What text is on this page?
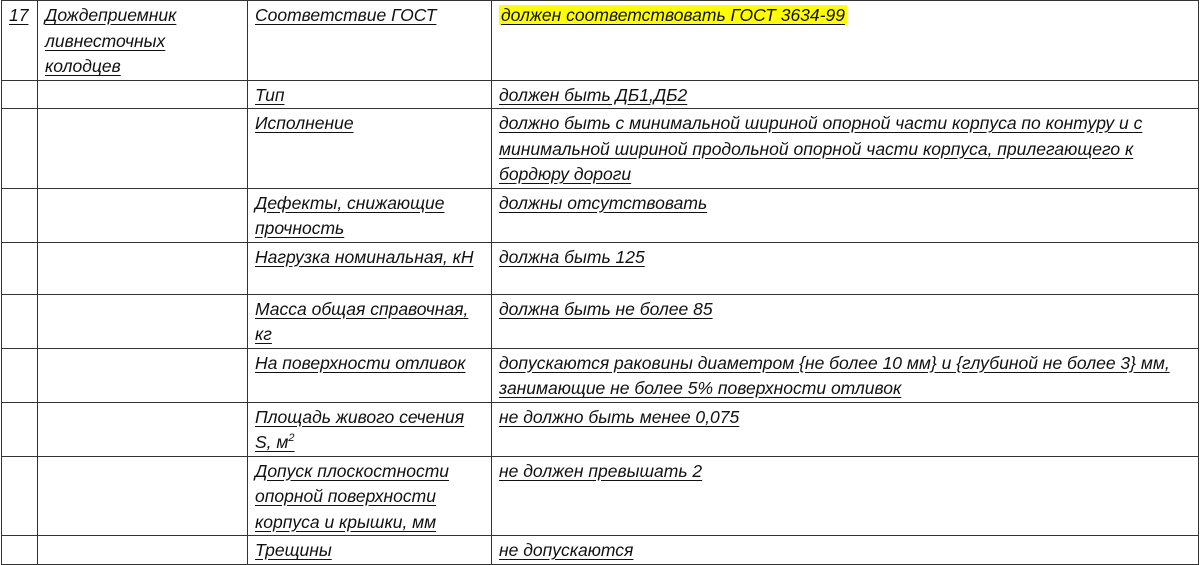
17	Дождеприемник ливнесточных колодцев	Соответствие ГОСТ	должен соответствовать ГОСТ 3634-99
		Тип	должен быть ДБ1,ДБ2
		Исполнение	должно быть с минимальной шириной опорной части корпуса по контуру и с минимальной шириной продольной опорной части корпуса, прилегающего к бордюру дороги
		Дефекты, снижающие прочность	должны отсутствовать
		Нагрузка номинальная, кН	должна быть 125
		Масса общая справочная, кг	должна быть не более 85
		На поверхности отливок	допускаются раковины диаметром {не более 10 мм} и {глубиной не более 3} мм, занимающие не более 5% поверхности отливок
		Площадь живого сечения S, $м^2$	не должно быть менее 0,075
		Допуск плоскостности опорной поверхности корпуса и крышки, мм	не должен превышать 2
		Трещины	не допускаются
